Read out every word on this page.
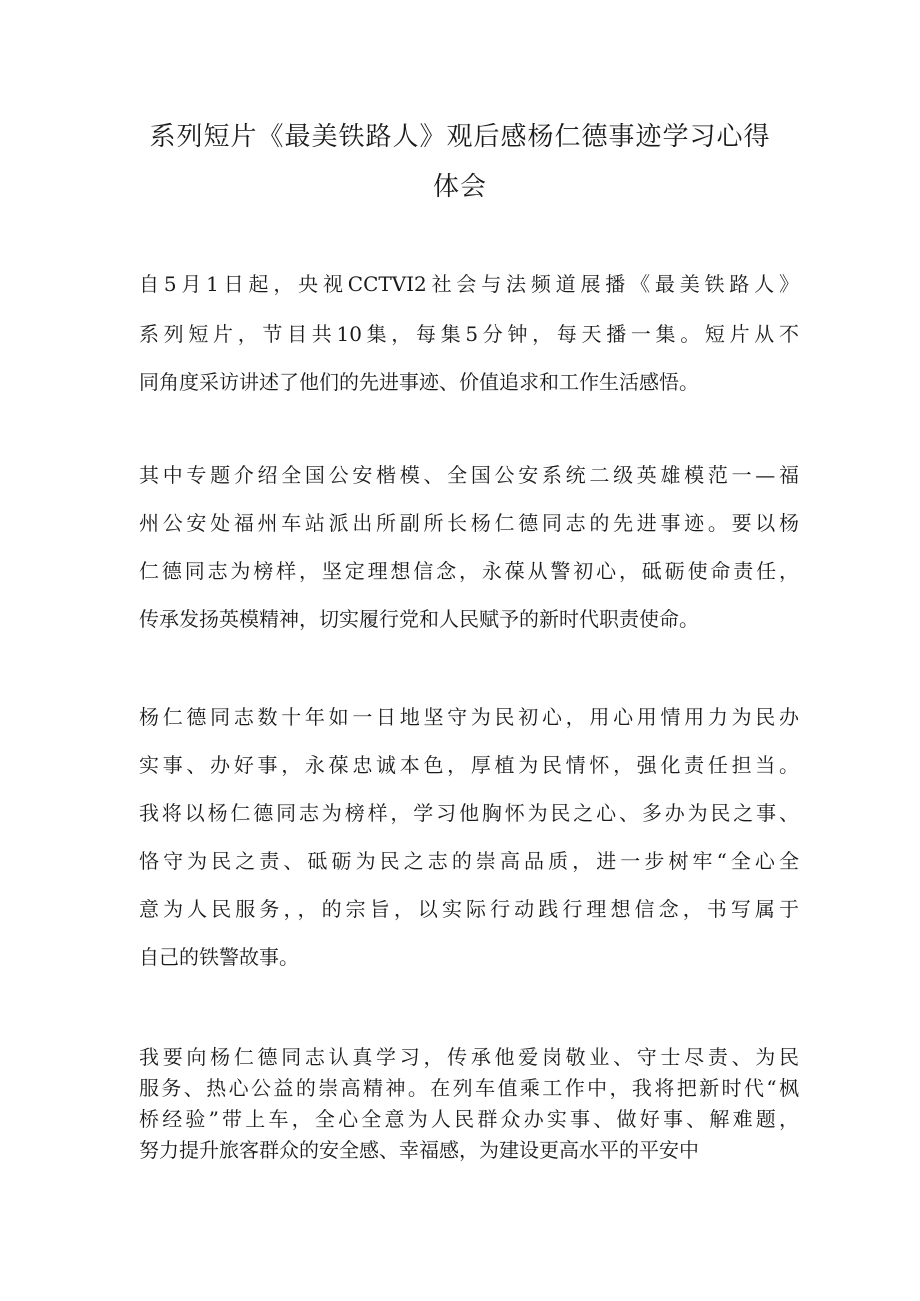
系列短片《最美铁路人》观后感杨仁德事迹学习心得
体会

自5月1日起，央视CCTVI2社会与法频道展播《最美铁路人》

系列短片，节目共10集，每集5分钟，每天播一集。短片从不

同角度采访讲述了他们的先进事迹、价值追求和工作生活感悟。

其中专题介绍全国公安楷模、全国公安系统二级英雄模范一—福

州公安处福州车站派出所副所长杨仁德同志的先进事迹。要以杨

仁德同志为榜样，坚定理想信念，永葆从警初心，砥砺使命责任，

传承发扬英模精神，切实履行党和人民赋予的新时代职责使命。

杨仁德同志数十年如一日地坚守为民初心，用心用情用力为民办

实事、办好事，永葆忠诚本色，厚植为民情怀，强化责任担当。

我将以杨仁德同志为榜样，学习他胸怀为民之心、多办为民之事、

恪守为民之责、砥砺为民之志的崇高品质，进一步树牢“全心全

意为人民服务，，的宗旨，以实际行动践行理想信念，书写属于

自己的铁警故事。

我要向杨仁德同志认真学习，传承他爱岗敬业、守士尽责、为民

服务、热心公益的崇高精神。在列车值乘工作中，我将把新时代“枫

桥经验”带上车，全心全意为人民群众办实事、做好事、解难题，

努力提升旅客群众的安全感、幸福感，为建设更高水平的平安中
